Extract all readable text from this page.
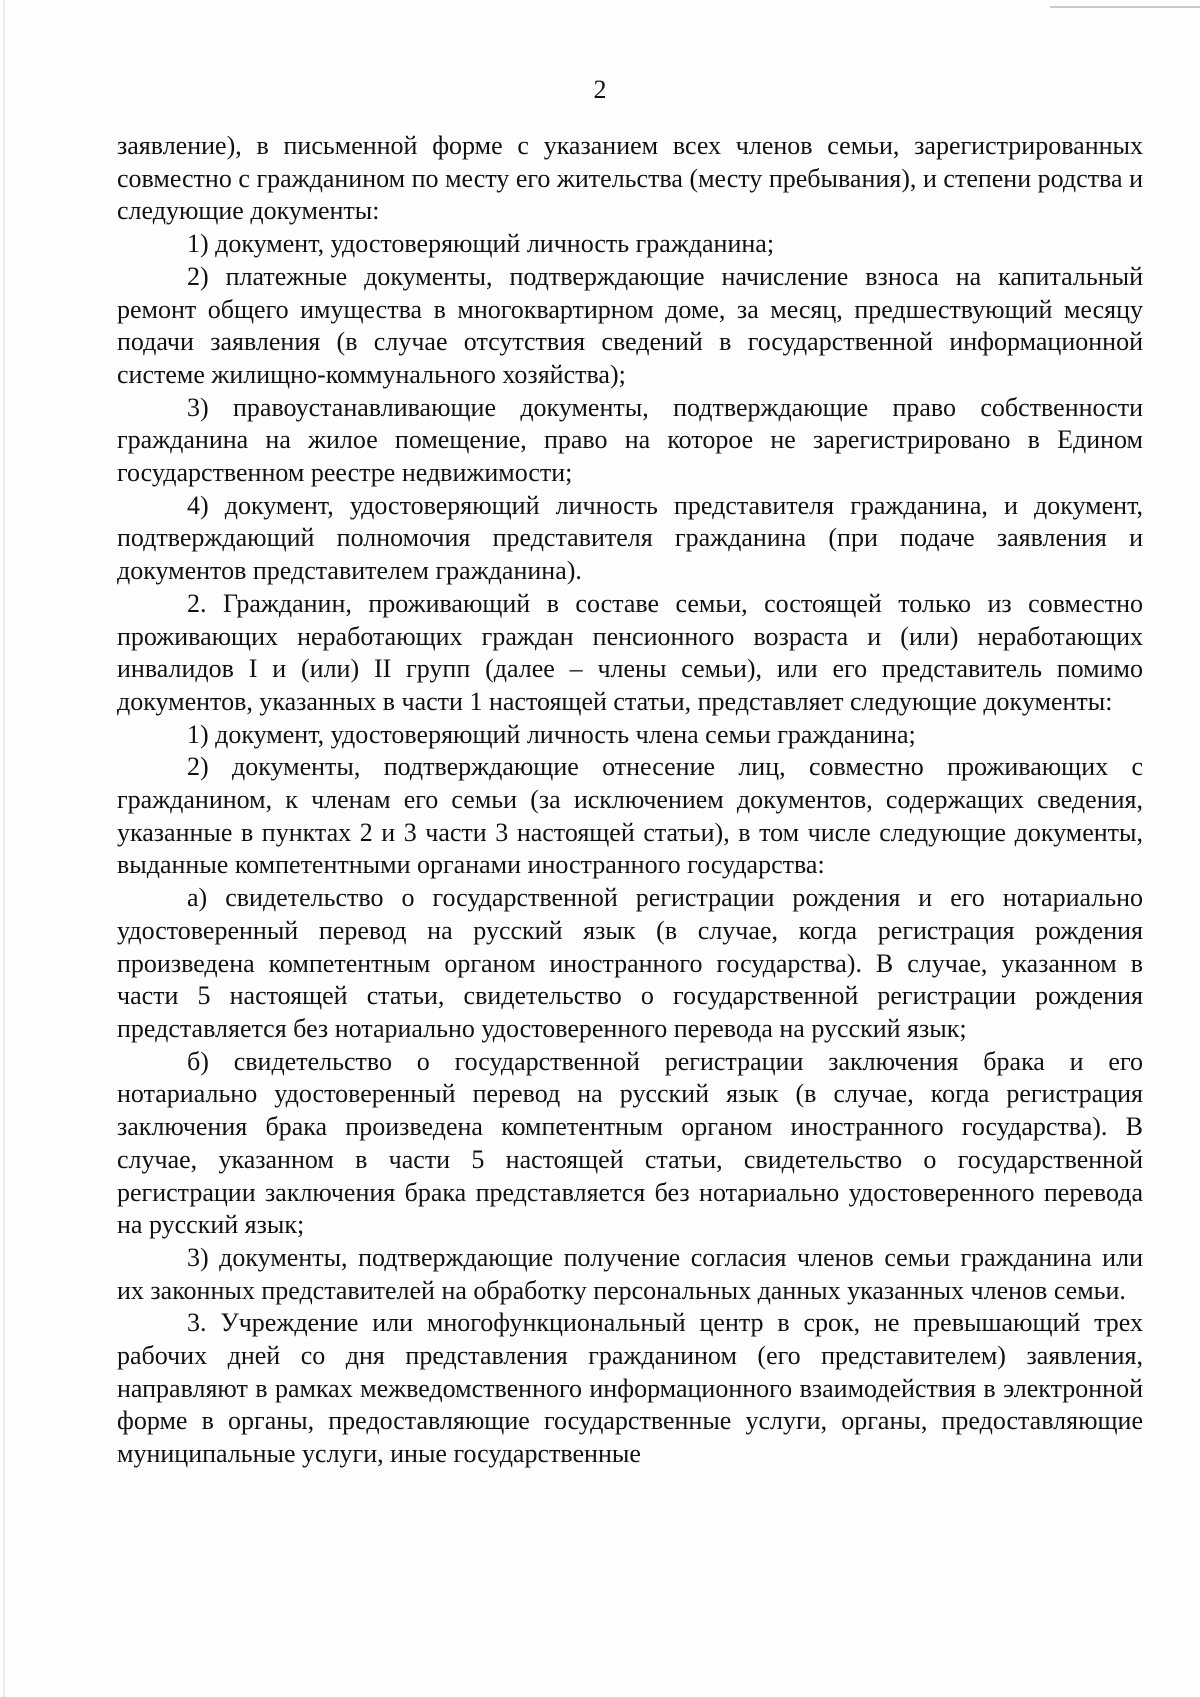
2

заявление), в письменной форме с указанием всех членов семьи, зарегистрированных совместно с гражданином по месту его жительства (месту пребывания), и степени родства и следующие документы:

1) документ, удостоверяющий личность гражданина;

2) платежные документы, подтверждающие начисление взноса на капитальный ремонт общего имущества в многоквартирном доме, за месяц, предшествующий месяцу подачи заявления (в случае отсутствия сведений в государственной информационной системе жилищно-коммунального хозяйства);

3) правоустанавливающие документы, подтверждающие право собственности гражданина на жилое помещение, право на которое не зарегистрировано в Едином государственном реестре недвижимости;

4) документ, удостоверяющий личность представителя гражданина, и документ, подтверждающий полномочия представителя гражданина (при подаче заявления и документов представителем гражданина).

2. Гражданин, проживающий в составе семьи, состоящей только из совместно проживающих неработающих граждан пенсионного возраста и (или) неработающих инвалидов I и (или) II групп (далее – члены семьи), или его представитель помимо документов, указанных в части 1 настоящей статьи, представляет следующие документы:

1) документ, удостоверяющий личность члена семьи гражданина;

2) документы, подтверждающие отнесение лиц, совместно проживающих с гражданином, к членам его семьи (за исключением документов, содержащих сведения, указанные в пунктах 2 и 3 части 3 настоящей статьи), в том числе следующие документы, выданные компетентными органами иностранного государства:

а) свидетельство о государственной регистрации рождения и его нотариально удостоверенный перевод на русский язык (в случае, когда регистрация рождения произведена компетентным органом иностранного государства). В случае, указанном в части 5 настоящей статьи, свидетельство о государственной регистрации рождения представляется без нотариально удостоверенного перевода на русский язык;

б) свидетельство о государственной регистрации заключения брака и его нотариально удостоверенный перевод на русский язык (в случае, когда регистрация заключения брака произведена компетентным органом иностранного государства). В случае, указанном в части 5 настоящей статьи, свидетельство о государственной регистрации заключения брака представляется без нотариально удостоверенного перевода на русский язык;

3) документы, подтверждающие получение согласия членов семьи гражданина или их законных представителей на обработку персональных данных указанных членов семьи.

3. Учреждение или многофункциональный центр в срок, не превышающий трех рабочих дней со дня представления гражданином (его представителем) заявления, направляют в рамках межведомственного информационного взаимодействия в электронной форме в органы, предоставляющие государственные услуги, органы, предоставляющие муниципальные услуги, иные государственные
